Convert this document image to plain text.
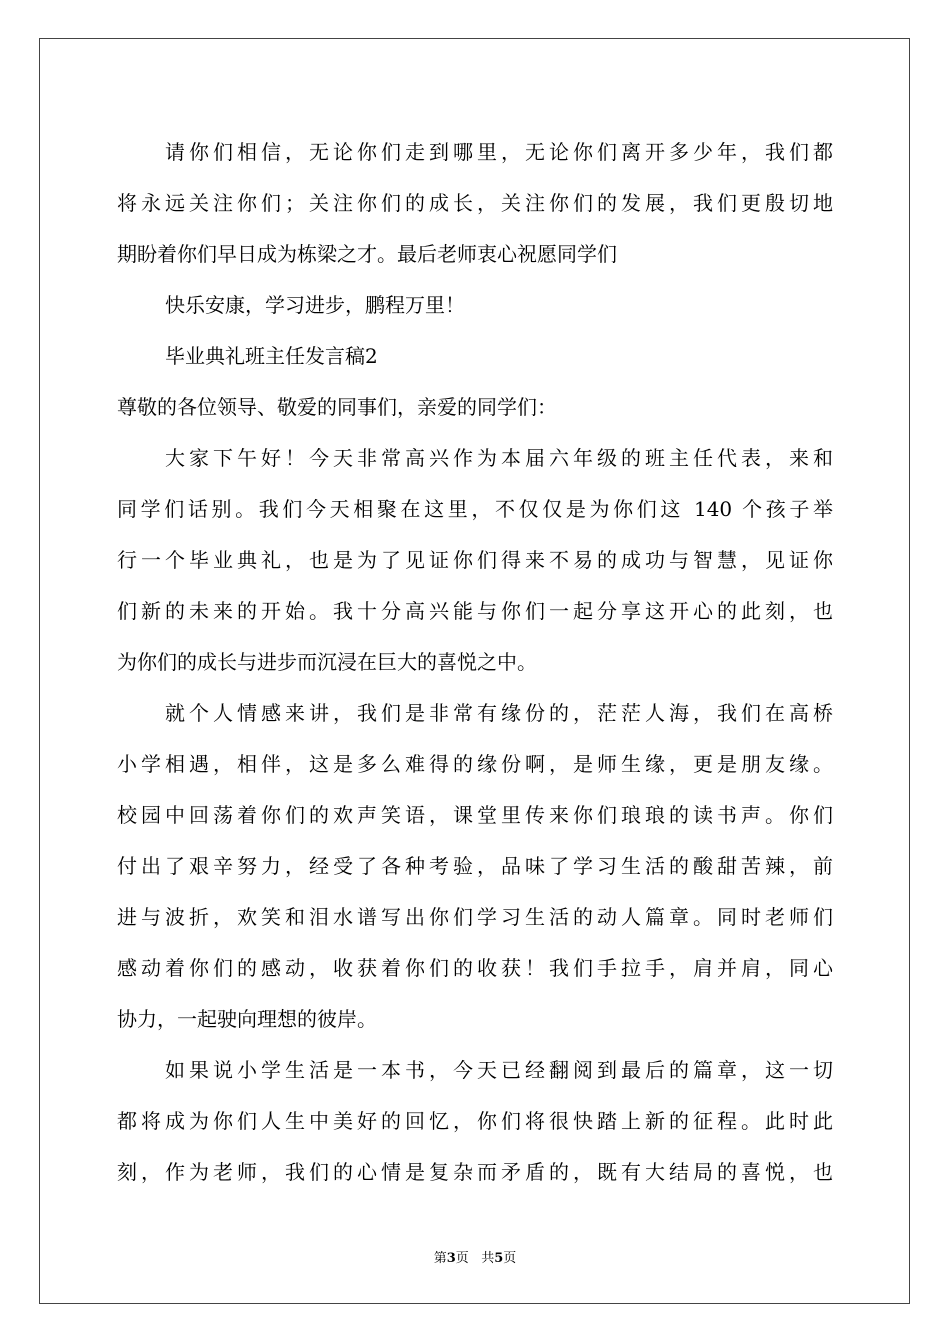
请你们相信，无论你们走到哪里，无论你们离开多少年，我们都
将永远关注你们；关注你们的成长，关注你们的发展，我们更殷切地
期盼着你们早日成为栋梁之才。最后老师衷心祝愿同学们
快乐安康，学习进步，鹏程万里！
毕业典礼班主任发言稿2
尊敬的各位领导、敬爱的同事们，亲爱的同学们：
大家下午好！今天非常高兴作为本届六年级的班主任代表，来和
同学们话别。我们今天相聚在这里，不仅仅是为你们这 140 个孩子举
行一个毕业典礼，也是为了见证你们得来不易的成功与智慧，见证你
们新的未来的开始。我十分高兴能与你们一起分享这开心的此刻，也
为你们的成长与进步而沉浸在巨大的喜悦之中。
就个人情感来讲，我们是非常有缘份的，茫茫人海，我们在高桥
小学相遇，相伴，这是多么难得的缘份啊，是师生缘，更是朋友缘。
校园中回荡着你们的欢声笑语，课堂里传来你们琅琅的读书声。你们
付出了艰辛努力，经受了各种考验，品味了学习生活的酸甜苦辣，前
进与波折，欢笑和泪水谱写出你们学习生活的动人篇章。同时老师们
感动着你们的感动，收获着你们的收获！我们手拉手，肩并肩，同心
协力，一起驶向理想的彼岸。
如果说小学生活是一本书，今天已经翻阅到最后的篇章，这一切
都将成为你们人生中美好的回忆，你们将很快踏上新的征程。此时此
刻，作为老师，我们的心情是复杂而矛盾的，既有大结局的喜悦，也
第3页 共5页
